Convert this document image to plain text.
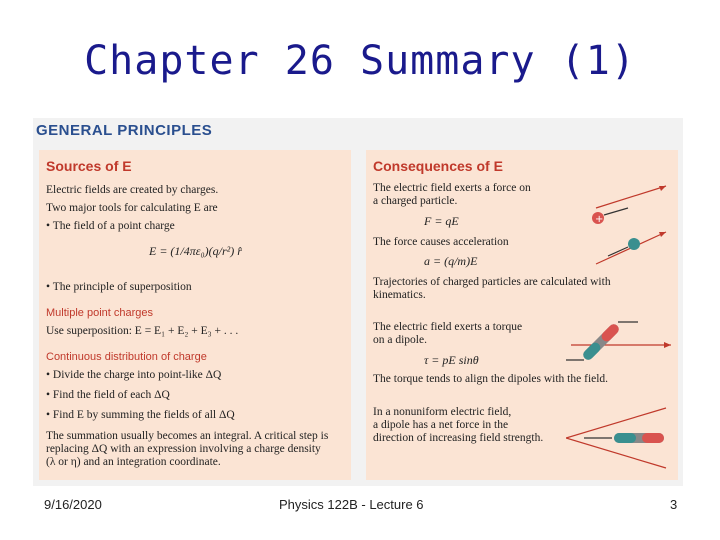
Chapter 26 Summary (1)
GENERAL PRINCIPLES
Sources of E
Electric fields are created by charges.
Two major tools for calculating E are
• The field of a point charge
E = (1/4πε₀)(q/r²) r̂
• The principle of superposition
Multiple point charges
Use superposition: E = E₁ + E₂ + E₃ + . . .
Continuous distribution of charge
• Divide the charge into point-like ΔQ
• Find the field of each ΔQ
• Find E by summing the fields of all ΔQ
The summation usually becomes an integral. A critical step is
replacing ΔQ with an expression involving a charge density
(λ or η) and an integration coordinate.
Consequences of E
The electric field exerts a force on
a charged particle.
F = qE
The force causes acceleration
a = (q/m)E
Trajectories of charged particles are calculated with
kinematics.
The electric field exerts a torque
on a dipole.
τ = pE sinθ
The torque tends to align the dipoles with the field.
In a nonuniform electric field,
a dipole has a net force in the
direction of increasing field strength.
+
9/16/2020	Physics 122B - Lecture 6	3
